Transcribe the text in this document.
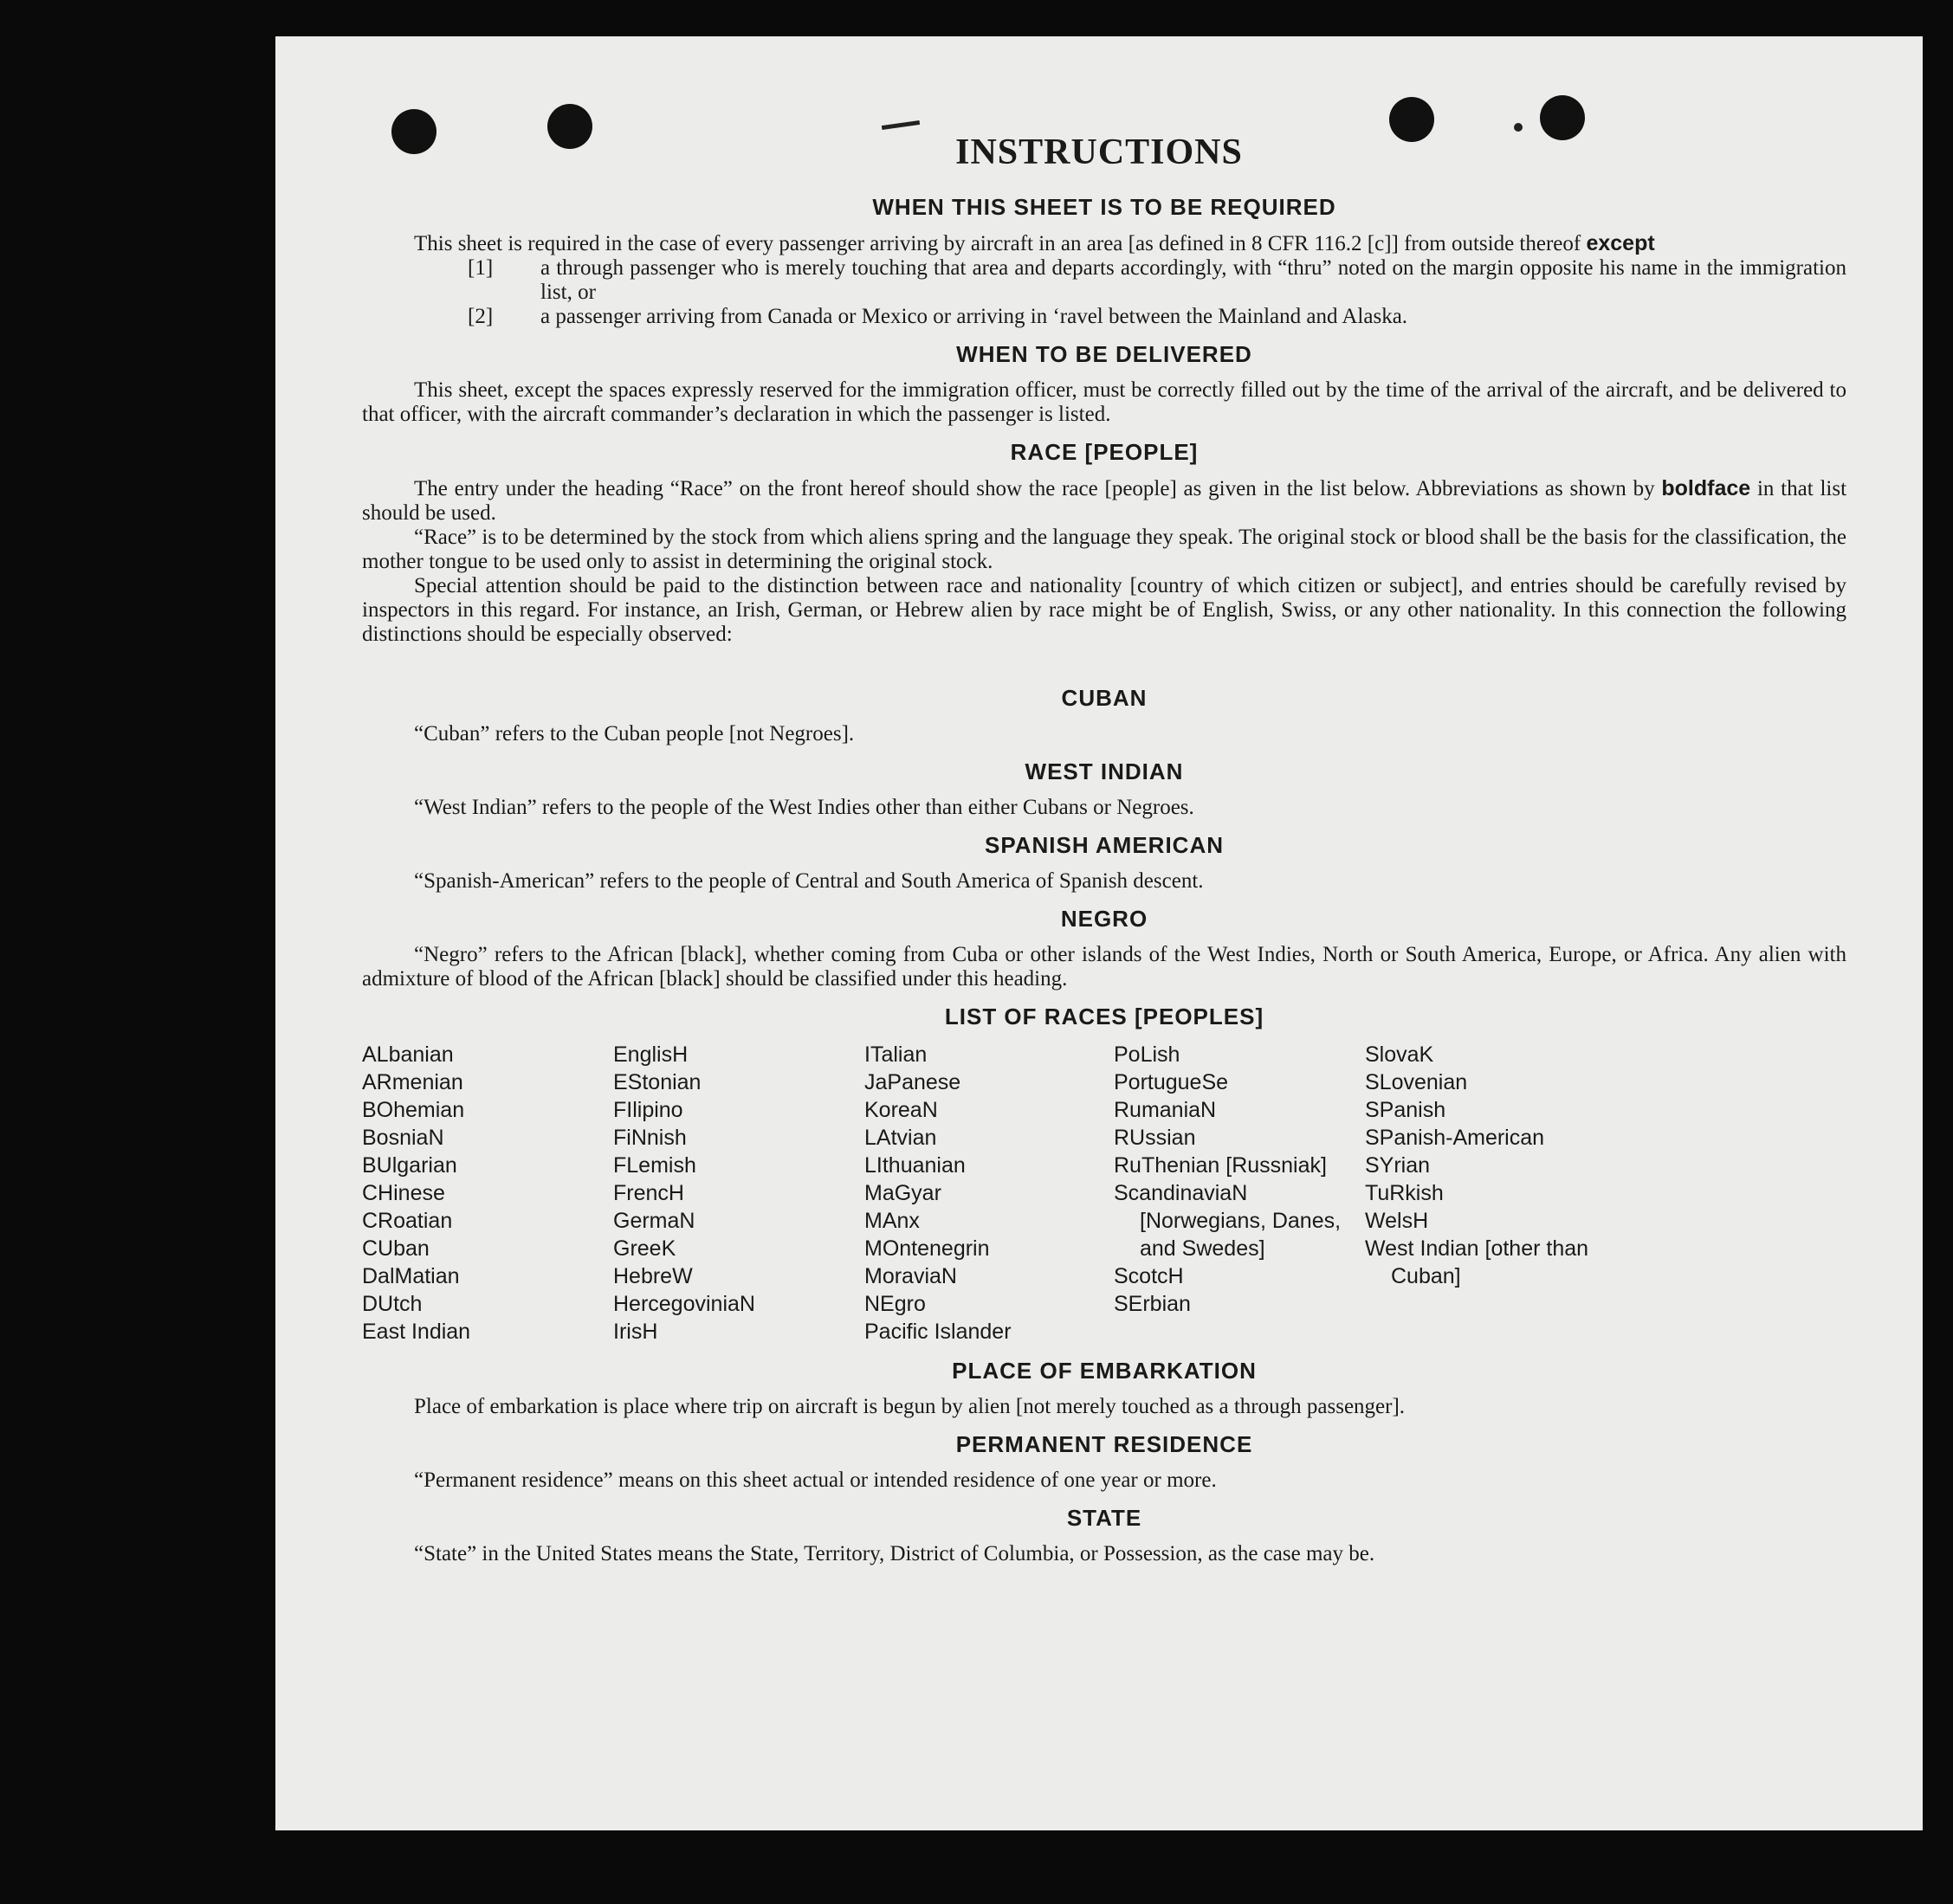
INSTRUCTIONS
WHEN THIS SHEET IS TO BE REQUIRED

This sheet is required in the case of every passenger arriving by aircraft in an area [as defined in 8 CFR 116.2 [c]] from outside thereof except

[1] a through passenger who is merely touching that area and departs accordingly, with “thru” noted on the margin opposite his name in the immigration list, or
[2] a passenger arriving from Canada or Mexico or arriving in ‘ravel between the Mainland and Alaska.
WHEN TO BE DELIVERED

This sheet, except the spaces expressly reserved for the immigration officer, must be correctly filled out by the time of the arrival of the aircraft, and be delivered to that officer, with the aircraft commander’s declaration in which the passenger is listed.

RACE [PEOPLE]

The entry under the heading “Race” on the front hereof should show the race [people] as given in the list below. Abbreviations as shown by boldface in that list should be used.

“Race” is to be determined by the stock from which aliens spring and the language they speak. The original stock or blood shall be the basis for the classification, the mother tongue to be used only to assist in determining the original stock.

Special attention should be paid to the distinction between race and nationality [country of which citizen or subject], and entries should be carefully revised by inspectors in this regard. For instance, an Irish, German, or Hebrew alien by race might be of English, Swiss, or any other nationality. In this connection the following distinctions should be especially observed:

CUBAN

“Cuban” refers to the Cuban people [not Negroes].

WEST INDIAN

“West Indian” refers to the people of the West Indies other than either Cubans or Negroes.

SPANISH AMERICAN

“Spanish-American” refers to the people of Central and South America of Spanish descent.

NEGRO

“Negro” refers to the African [black], whether coming from Cuba or other islands of the West Indies, North or South America, Europe, or Africa. Any alien with admixture of blood of the African [black] should be classified under this heading.

LIST OF RACES [PEOPLES]
ALbanian
ARmenian
BOhemian
BosniaN
BUlgarian
CHinese
CRoatian
CUban
DalMatian
DUtch
East Indian
EnglisH
EStonian
FIlipino
FiNnish
FLemish
FrencH
GermaN
GreeK
HebreW
HercegoviniaN
IrisH
ITalian
JaPanese
KoreaN
LAtvian
LIthuanian
MaGyar
MAnx
MOntenegrin
MoraviaN
NEgro
Pacific Islander
PoLish
PortugueSe
RumaniaN
RUssian
RuThenian [Russniak]
ScandinaviaN [Norwegians, Danes, and Swedes]
ScotcH
SErbian
SlovaK
SLovenian
SPanish
SPanish-American
SYrian
TuRkish
WelsH
West Indian [other than Cuban]
PLACE OF EMBARKATION

Place of embarkation is place where trip on aircraft is begun by alien [not merely touched as a through passenger].

PERMANENT RESIDENCE

“Permanent residence” means on this sheet actual or intended residence of one year or more.

STATE

“State” in the United States means the State, Territory, District of Columbia, or Possession, as the case may be.
